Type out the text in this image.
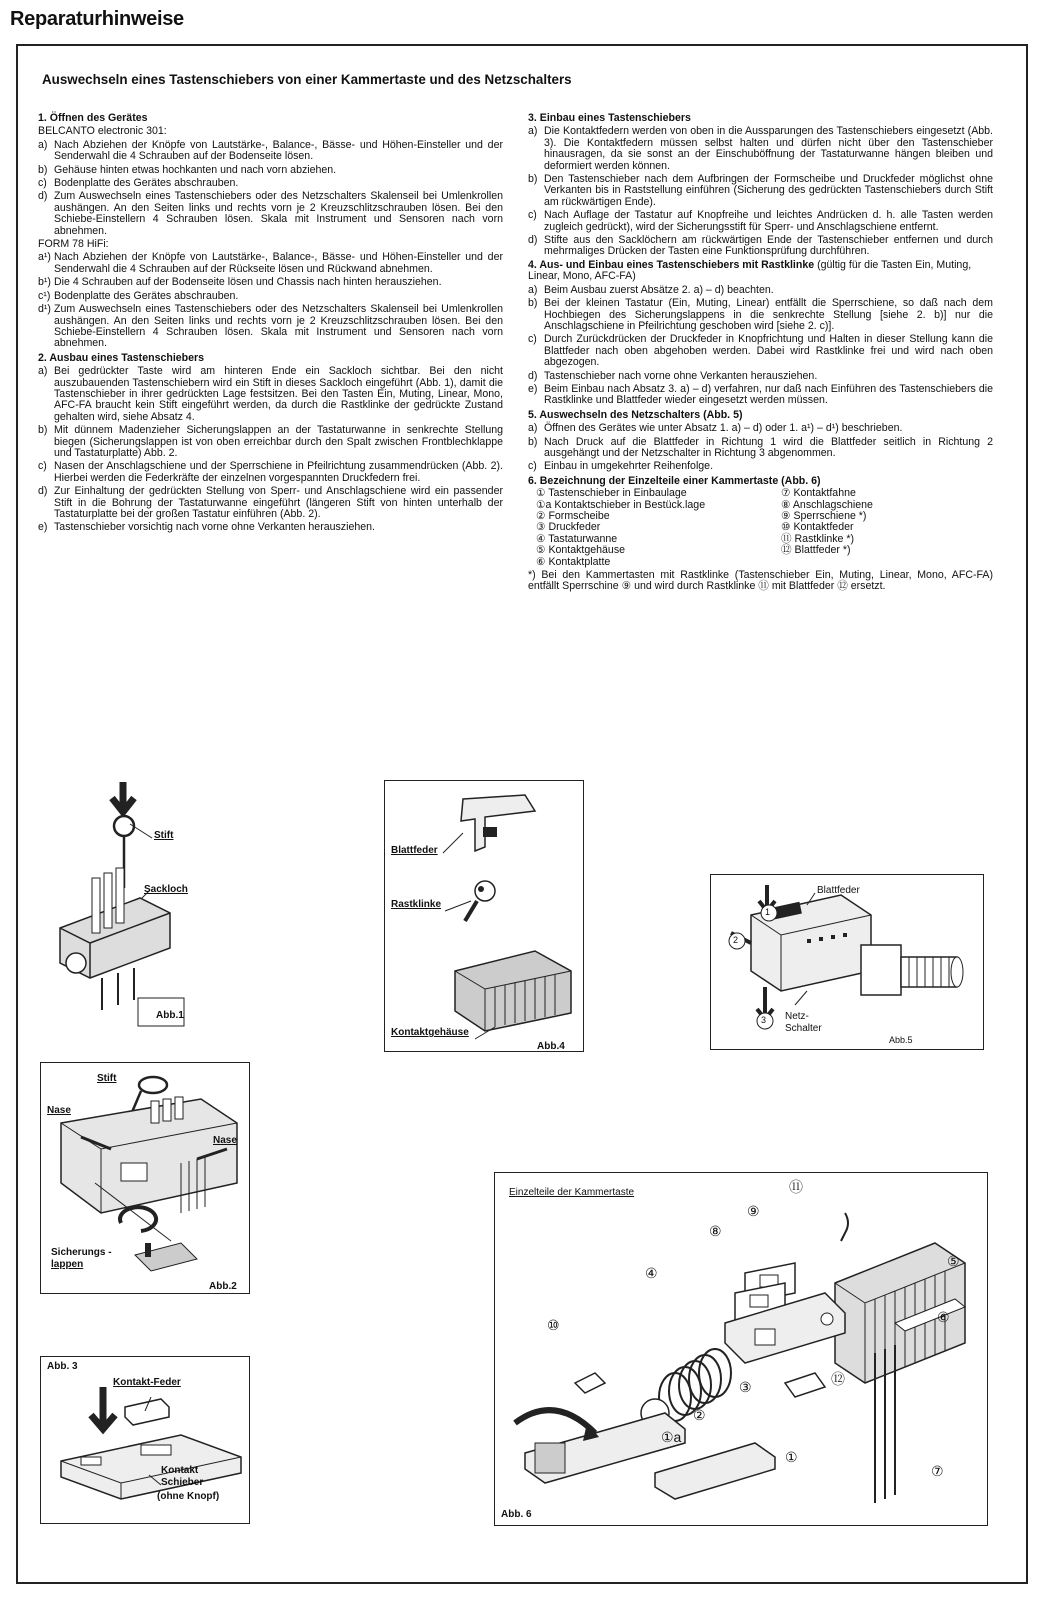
Reparaturhinweise
Auswechseln eines Tastenschiebers von einer Kammertaste und des Netzschalters
1. Öffnen des Gerätes
BELCANTO electronic 301:
a) Nach Abziehen der Knöpfe von Lautstärke-, Balance-, Bässe- und Höhen-Einsteller und der Senderwahl die 4 Schrauben auf der Bodenseite lösen.
b) Gehäuse hinten etwas hochkanten und nach vorn abziehen.
c) Bodenplatte des Gerätes abschrauben.
d) Zum Auswechseln eines Tastenschiebers oder des Netzschalters Skalenseil bei Umlenkrollen aushängen. An den Seiten links und rechts vorn je 2 Kreuzschlitzschrauben lösen. Bei den Schiebe-Einstellern 4 Schrauben lösen. Skala mit Instrument und Sensoren nach vorn abnehmen.
FORM 78 HiFi:
a¹) Nach Abziehen der Knöpfe von Lautstärke-, Balance-, Bässe- und Höhen-Einsteller und der Senderwahl die 4 Schrauben auf der Rückseite lösen und Rückwand abnehmen.
b¹) Die 4 Schrauben auf der Bodenseite lösen und Chassis nach hinten herausziehen.
c¹) Bodenplatte des Gerätes abschrauben.
d¹) Zum Auswechseln eines Tastenschiebers oder des Netzschalters Skalenseil bei Umlenkrollen aushängen. An den Seiten links und rechts vorn je 2 Kreuzschlitzschrauben lösen. Bei den Schiebe-Einstellern 4 Schrauben lösen. Skala mit Instrument und Sensoren nach vorn abnehmen.
2. Ausbau eines Tastenschiebers
a) Bei gedrückter Taste wird am hinteren Ende ein Sackloch sichtbar. Bei den nicht auszubauenden Tastenschiebern wird ein Stift in dieses Sackloch eingeführt (Abb. 1), damit die Tastenschieber in ihrer gedrückten Lage festsitzen. Bei den Tasten Ein, Muting, Linear, Mono, AFC-FA braucht kein Stift eingeführt werden, da durch die Rastklinke der gedrückte Zustand gehalten wird, siehe Absatz 4.
b) Mit dünnem Madenzieher Sicherungslappen an der Tastaturwanne in senkrechte Stellung biegen (Sicherungslappen ist von oben erreichbar durch den Spalt zwischen Frontblechklappe und Tastaturplatte) Abb. 2.
c) Nasen der Anschlagschiene und der Sperrschiene in Pfeilrichtung zusammendrücken (Abb. 2). Hierbei werden die Federkräfte der einzelnen vorgespannten Druckfedern frei.
d) Zur Einhaltung der gedrückten Stellung von Sperr- und Anschlagschiene wird ein passender Stift in die Bohrung der Tastaturwanne eingeführt (längeren Stift von hinten unterhalb der Tastaturplatte bei der großen Tastatur einführen (Abb. 2).
e) Tastenschieber vorsichtig nach vorne ohne Verkanten herausziehen.
3. Einbau eines Tastenschiebers
a) Die Kontaktfedern werden von oben in die Aussparungen des Tastenschiebers eingesetzt (Abb. 3). Die Kontaktfedern müssen selbst halten und dürfen nicht über den Tastenschieber hinausragen, da sie sonst an der Einschuböffnung der Tastaturwanne hängen bleiben und deformiert werden können.
b) Den Tastenschieber nach dem Aufbringen der Formscheibe und Druckfeder möglichst ohne Verkanten bis in Raststellung einführen (Sicherung des gedrückten Tastenschiebers durch Stift am rückwärtigen Ende).
c) Nach Auflage der Tastatur auf Knopfreihe und leichtes Andrücken d. h. alle Tasten werden zugleich gedrückt), wird der Sicherungsstift für Sperr- und Anschlagschiene entfernt.
d) Stifte aus den Sacklöchern am rückwärtigen Ende der Tastenschieber entfernen und durch mehrmaliges Drücken der Tasten eine Funktionsprüfung durchführen.
4. Aus- und Einbau eines Tastenschiebers mit Rastklinke (gültig für die Tasten Ein, Muting, Linear, Mono, AFC-FA)
a) Beim Ausbau zuerst Absätze 2. a) – d) beachten.
b) Bei der kleinen Tastatur (Ein, Muting, Linear) entfällt die Sperrschiene, so daß nach dem Hochbiegen des Sicherungslappens in die senkrechte Stellung [siehe 2. b)] nur die Anschlagschiene in Pfeilrichtung geschoben wird [siehe 2. c)].
c) Durch Zurückdrücken der Druckfeder in Knopfrichtung und Halten in dieser Stellung kann die Blattfeder nach oben abgehoben werden. Dabei wird Rastklinke frei und wird nach oben abgezogen.
d) Tastenschieber nach vorne ohne Verkanten herausziehen.
e) Beim Einbau nach Absatz 3. a) – d) verfahren, nur daß nach Einführen des Tastenschiebers die Rastklinke und Blattfeder wieder eingesetzt werden müssen.
5. Auswechseln des Netzschalters (Abb. 5)
a) Öffnen des Gerätes wie unter Absatz 1. a) – d) oder 1. a¹) – d¹) beschrieben.
b) Nach Druck auf die Blattfeder in Richtung 1 wird die Blattfeder seitlich in Richtung 2 ausgehängt und der Netzschalter in Richtung 3 abgenommen.
c) Einbau in umgekehrter Reihenfolge.
6. Bezeichnung der Einzelteile einer Kammertaste (Abb. 6)
① Tastenschieber in Einbaulage	⑦ Kontaktfahne
①a Kontaktschieber in Bestück.lage	⑧ Anschlagschiene
② Formscheibe	⑨ Sperrschiene *)
③ Druckfeder	⑩ Kontaktfeder
④ Tastaturwanne	⑪ Rastklinke *)
⑤ Kontaktgehäuse	⑫ Blattfeder *)
⑥ Kontaktplatte
*) Bei den Kammertasten mit Rastklinke (Tastenschieber Ein, Muting, Linear, Mono, AFC-FA) entfällt Sperrschine ⑨ und wird durch Rastklinke ⑪ mit Blattfeder ⑫ ersetzt.
Stift
Sackloch
Abb.1
Blattfeder
Rastklinke
Kontaktgehäuse
Abb.4
Blattfeder
1
2
3 Netz-
Schalter
Abb.5
Stift
Nase
Nase
Sicherungs -
lappen
Abb.2
Abb. 3
Kontakt-Feder
Kontakt
Schieber
(ohne Knopf)
Einzelteile der Kammertaste	⑪
⑨
⑧
④
⑤
⑥
⑩
③	⑫
②
①a
①
⑦
Abb. 6
